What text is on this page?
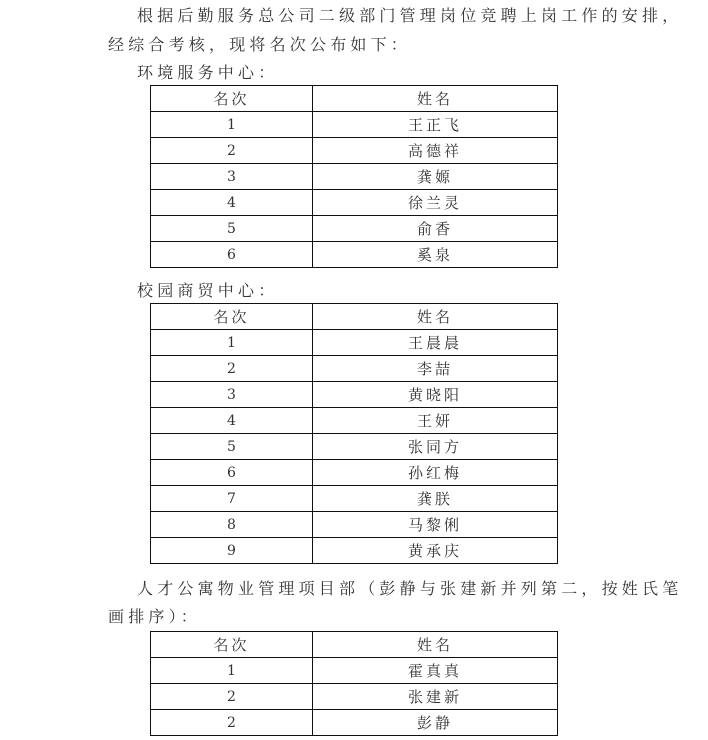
根据后勤服务总公司二级部门管理岗位竞聘上岗工作的安排，
经综合考核，现将名次公布如下：
环境服务中心：
名次	姓名
1	王正飞
2	高德祥
3	龚嫄
4	徐兰灵
5	俞香
6	奚泉
校园商贸中心：
名次	姓名
1	王晨晨
2	李喆
3	黄晓阳
4	王妍
5	张同方
6	孙红梅
7	龚朕
8	马黎俐
9	黄承庆
人才公寓物业管理项目部（彭静与张建新并列第二，按姓氏笔
画排序）：
名次	姓名
1	霍真真
2	张建新
2	彭静
